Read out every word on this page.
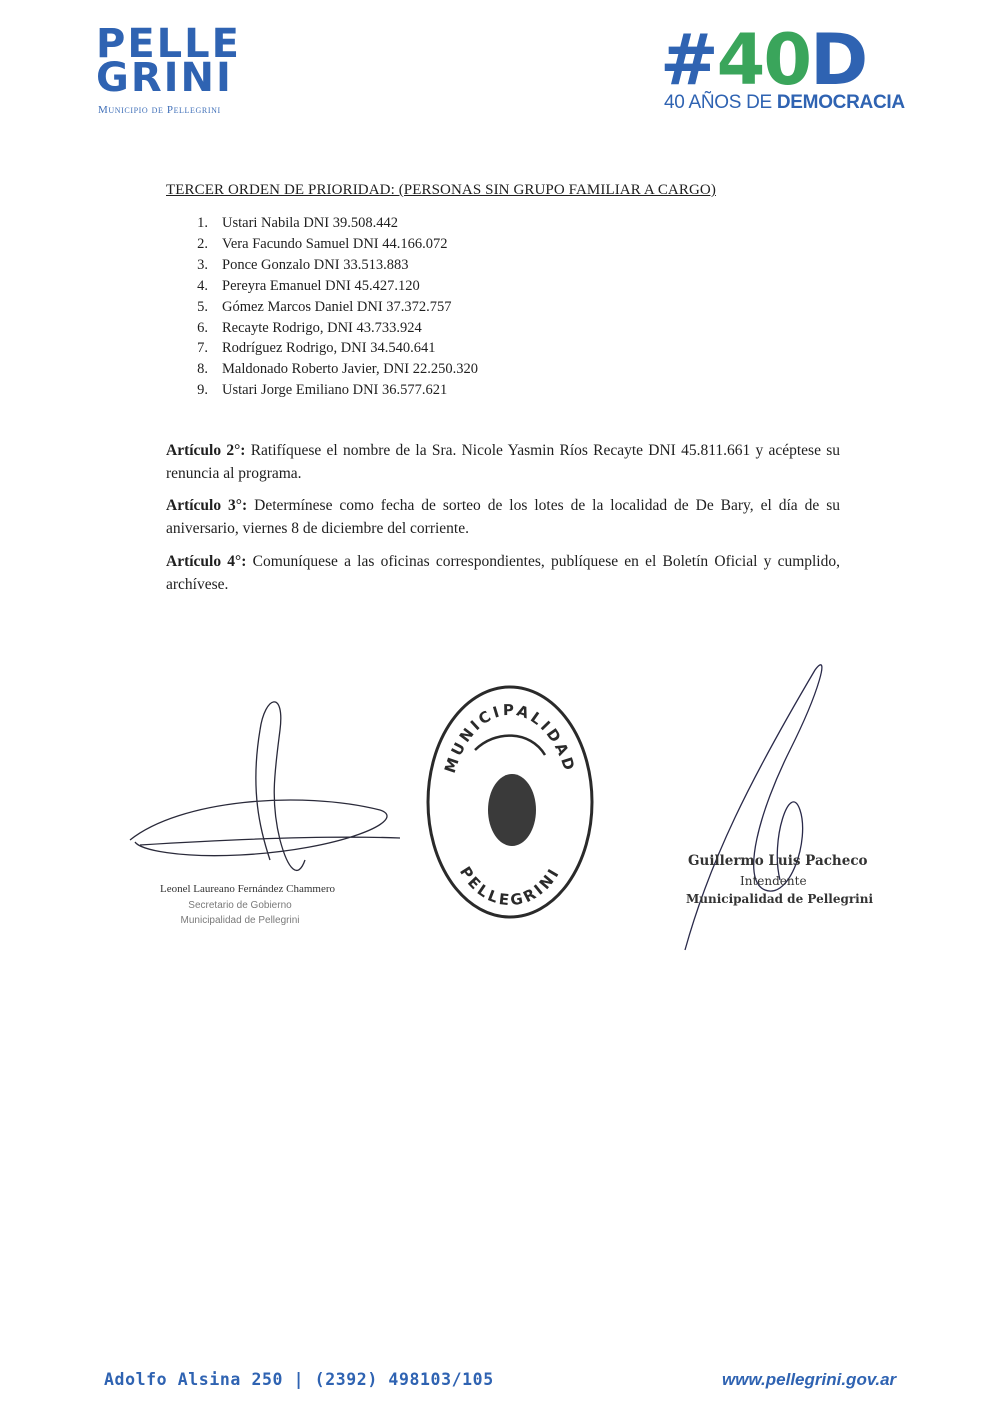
PELLE
GRINI
Municipio de Pellegrini
#40D
40 AÑOS DE DEMOCRACIA
TERCER ORDEN DE PRIORIDAD: (PERSONAS SIN GRUPO FAMILIAR A CARGO)
1. Ustari Nabila DNI 39.508.442
2. Vera Facundo Samuel DNI 44.166.072
3. Ponce Gonzalo DNI 33.513.883
4. Pereyra Emanuel DNI 45.427.120
5. Gómez Marcos Daniel DNI 37.372.757
6. Recayte Rodrigo, DNI 43.733.924
7. Rodríguez Rodrigo, DNI 34.540.641
8. Maldonado Roberto Javier, DNI 22.250.320
9. Ustari Jorge Emiliano DNI 36.577.621

Artículo 2°: Ratifíquese el nombre de la Sra. Nicole Yasmin Ríos Recayte DNI 45.811.661 y acéptese su renuncia al programa.

Artículo 3°: Determínese como fecha de sorteo de los lotes de la localidad de De Bary, el día de su aniversario, viernes 8 de diciembre del corriente.

Artículo 4°: Comuníquese a las oficinas correspondientes, publíquese en el Boletín Oficial y cumplido, archívese.

Leonel Laureano Fernández Chammero
Secretario de Gobierno
Municipalidad de Pellegrini
MUNICIPALIDAD
PELLEGRINI
Guillermo Luis Pacheco
Intendente
Municipalidad de Pellegrini
Adolfo Alsina 250 | (2392) 498103/105	www.pellegrini.gov.ar
